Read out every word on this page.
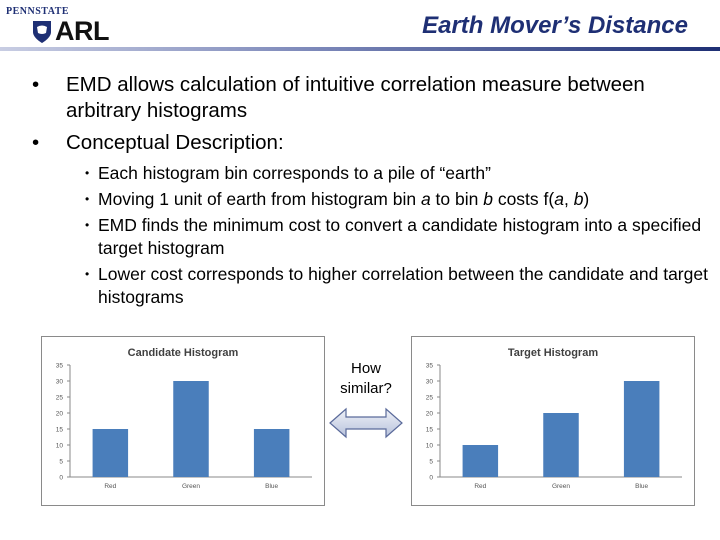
PENNSTATE
ARL	Earth Mover’s Distance
• EMD allows calculation of intuitive correlation measure between arbitrary histograms
• Conceptual Description:
• Each histogram bin corresponds to a pile of “earth”
• Moving 1 unit of earth from histogram bin a to bin b costs f(a, b)
• EMD finds the minimum cost to convert a candidate histogram into a specified target histogram
• Lower cost corresponds to higher correlation between the candidate and target histograms
Candidate Histogram
0
5
10
15
20
25
30
35
Red	Green	Blue
Target Histogram
0
5
10
15
20
25
30
35
Red	Green	Blue
How similar?
